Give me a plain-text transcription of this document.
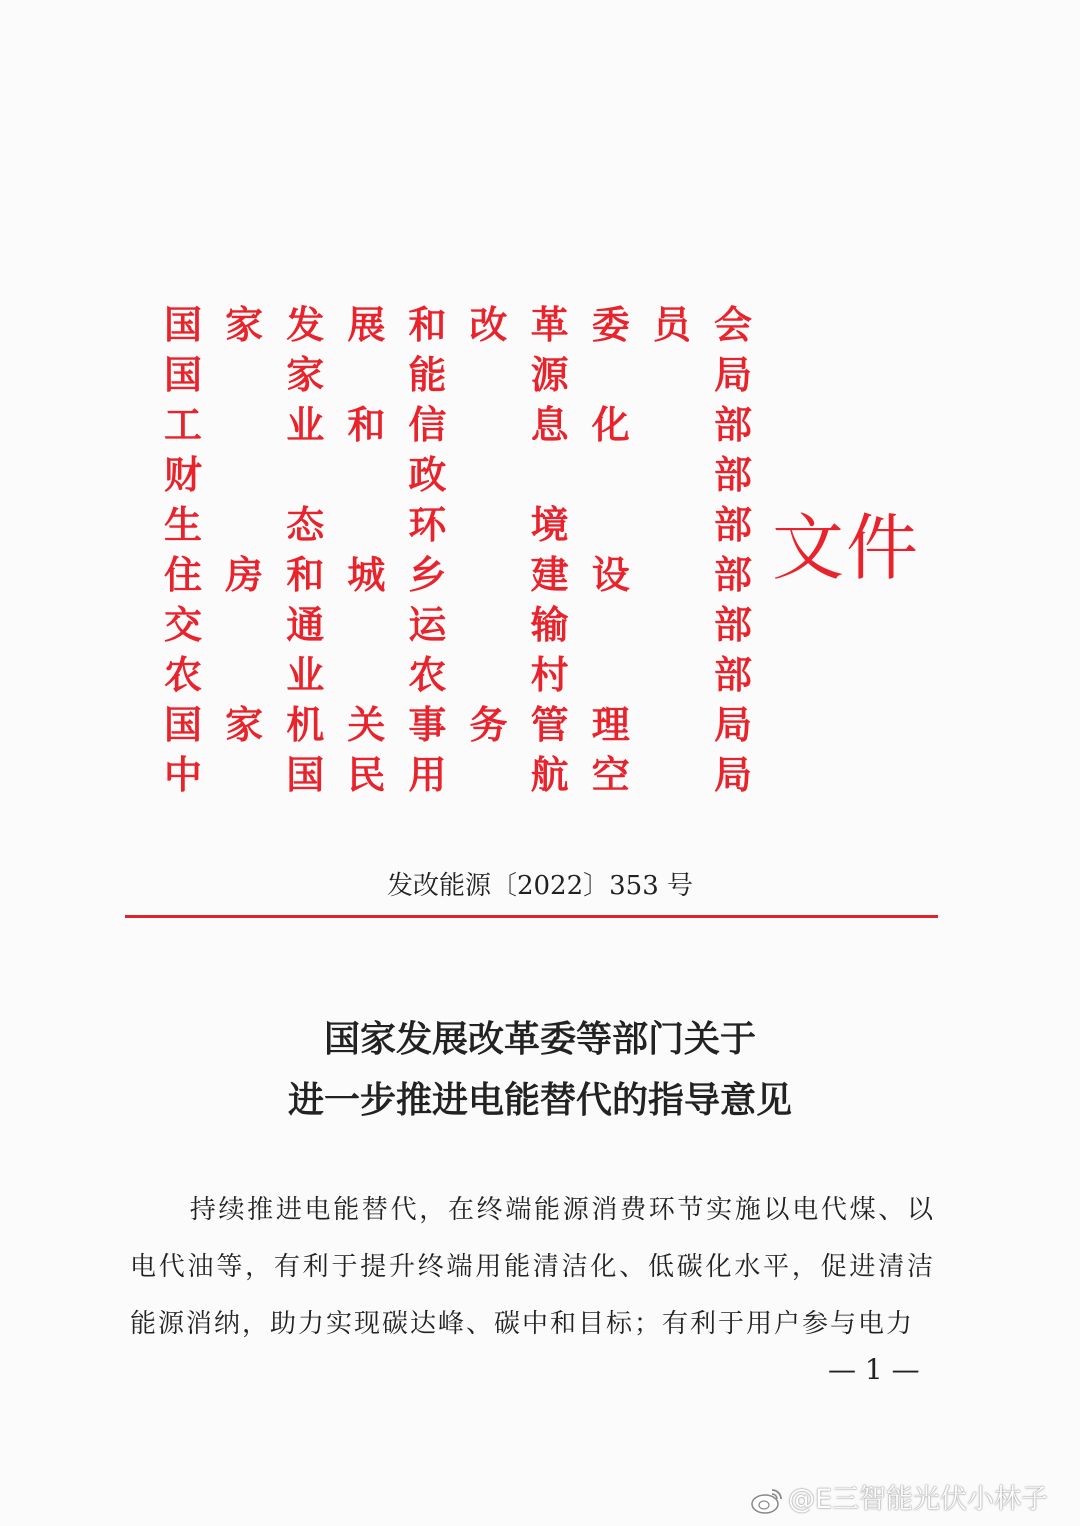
国 家 发 展 和 改 革 委 员 会
国 家 能 源	局
工 业 和 信 息 化 部
财	政	部
生 态 环 境	部
住 房 和 城 乡 建 设 部
交 通 运 输	部
农 业 农 村	部
国 家 机 关 事 务 管 理 局
中 国 民 用 航 空 局
文件
发改能源〔2022〕353 号
国家发展改革委等部门关于
进一步推进电能替代的指导意见
持续推进电能替代，在终端能源消费环节实施以电代煤、以电代油等，有利于提升终端用能清洁化、低碳化水平，促进清洁能源消纳，助力实现碳达峰、碳中和目标；有利于用户参与电力
— 1 —
@E三智能光伏小林子
